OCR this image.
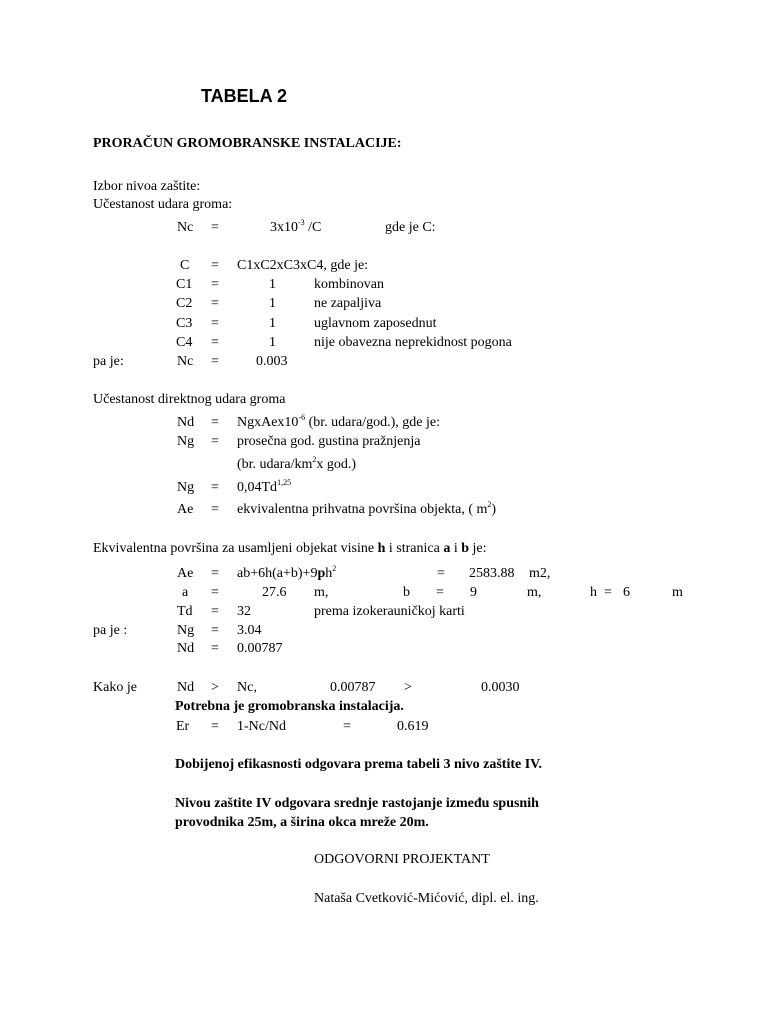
TABELA 2
PRORAČUN GROMOBRANSKE INSTALACIJE:
Izbor nivoa zaštite:
Učestanost udara groma:
Nc =	$3x10^{-3}$ /C	gde je C:
C = C1xC2xC3xC4, gde je:
C1 =	1	kombinovan
C2 =	1	ne zapaljiva
C3 =	1	uglavnom zaposednut
C4 =	1	nije obavezna neprekidnost pogona
pa je:	Nc =	0.003
Učestanost direktnog udara groma
$Nd = NgxAex10^{-6}$ (br. udara/god.), gde je:
Ng = prosečna god. gustina pražnjenja
(br. udara/$km^2x$ god.)
Ng = 0,04Td$^{1,25}$
Ae = ekvivalentna prihvatna površina objekta, ( $m^2$)
Ekvivalentna površina za usamljeni objekat visine h i stranica a i b je:
$Ae = ab+6h(a+b)+9ph^2$	= 2583.88 m2,
a =	27.6 m,	b = 9	m,	h = 6	m
Td = 32	prema izokerauničkoj karti
pa je :	Ng = 3.04
Nd = 0.00787
Kako je	Nd > Nc,	0.00787 >	0.0030
Potrebna je gromobranska instalacija.
Er = 1-Nc/Nd	=	0.619
Dobijenoj efikasnosti odgovara prema tabeli 3 nivo zaštite IV.
Nivou zaštite IV odgovara srednje rastojanje između spusnih
provodnika 25m, a širina okca mreže 20m.
ODGOVORNI PROJEKTANT
Nataša Cvetković-Mićović, dipl. el. ing.
